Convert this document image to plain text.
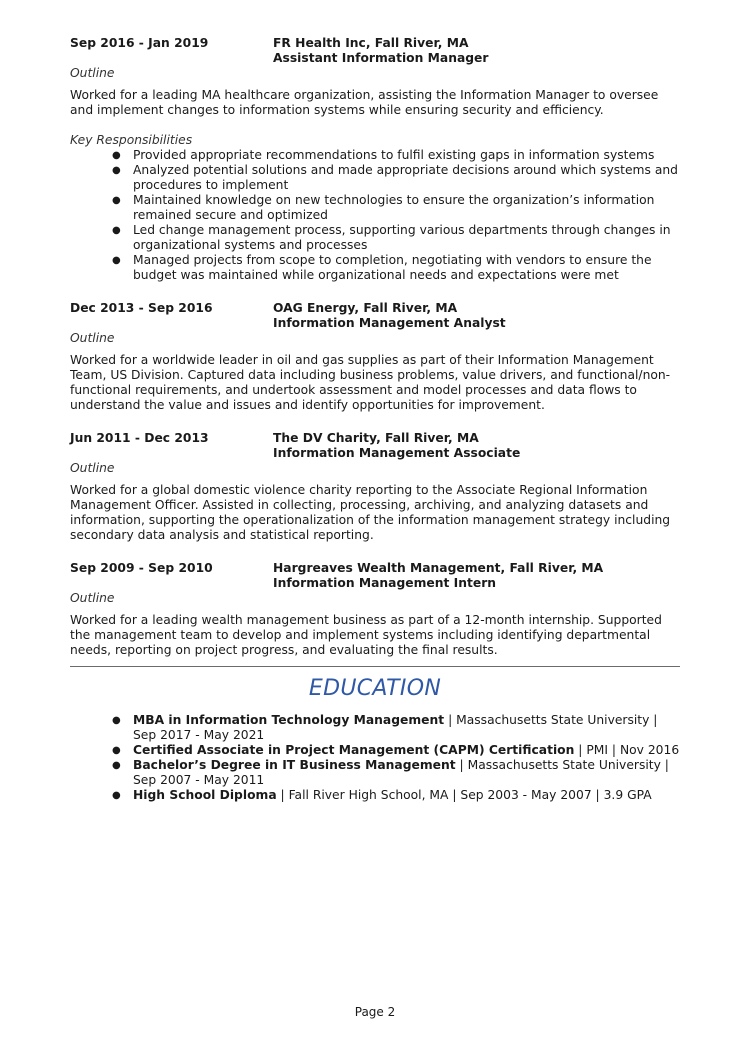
Sep 2016 - Jan 2019	FR Health Inc, Fall River, MA
Assistant Information Manager
Outline
Worked for a leading MA healthcare organization, assisting the Information Manager to oversee and implement changes to information systems while ensuring security and efficiency.
Key Responsibilities
● Provided appropriate recommendations to fulfil existing gaps in information systems
● Analyzed potential solutions and made appropriate decisions around which systems and procedures to implement
● Maintained knowledge on new technologies to ensure the organization’s information remained secure and optimized
● Led change management process, supporting various departments through changes in organizational systems and processes
● Managed projects from scope to completion, negotiating with vendors to ensure the budget was maintained while organizational needs and expectations were met
Dec 2013 - Sep 2016	OAG Energy, Fall River, MA
Information Management Analyst
Outline
Worked for a worldwide leader in oil and gas supplies as part of their Information Management Team, US Division. Captured data including business problems, value drivers, and functional/non-functional requirements, and undertook assessment and model processes and data flows to understand the value and issues and identify opportunities for improvement.
Jun 2011 - Dec 2013	The DV Charity, Fall River, MA
Information Management Associate
Outline
Worked for a global domestic violence charity reporting to the Associate Regional Information Management Officer. Assisted in collecting, processing, archiving, and analyzing datasets and information, supporting the operationalization of the information management strategy including secondary data analysis and statistical reporting.
Sep 2009 - Sep 2010	Hargreaves Wealth Management, Fall River, MA
Information Management Intern
Outline
Worked for a leading wealth management business as part of a 12-month internship. Supported the management team to develop and implement systems including identifying departmental needs, reporting on project progress, and evaluating the final results.
EDUCATION
● MBA in Information Technology Management | Massachusetts State University | Sep 2017 - May 2021
● Certified Associate in Project Management (CAPM) Certification | PMI | Nov 2016
● Bachelor’s Degree in IT Business Management | Massachusetts State University | Sep 2007 - May 2011
● High School Diploma | Fall River High School, MA | Sep 2003 - May 2007 | 3.9 GPA
Page 2
